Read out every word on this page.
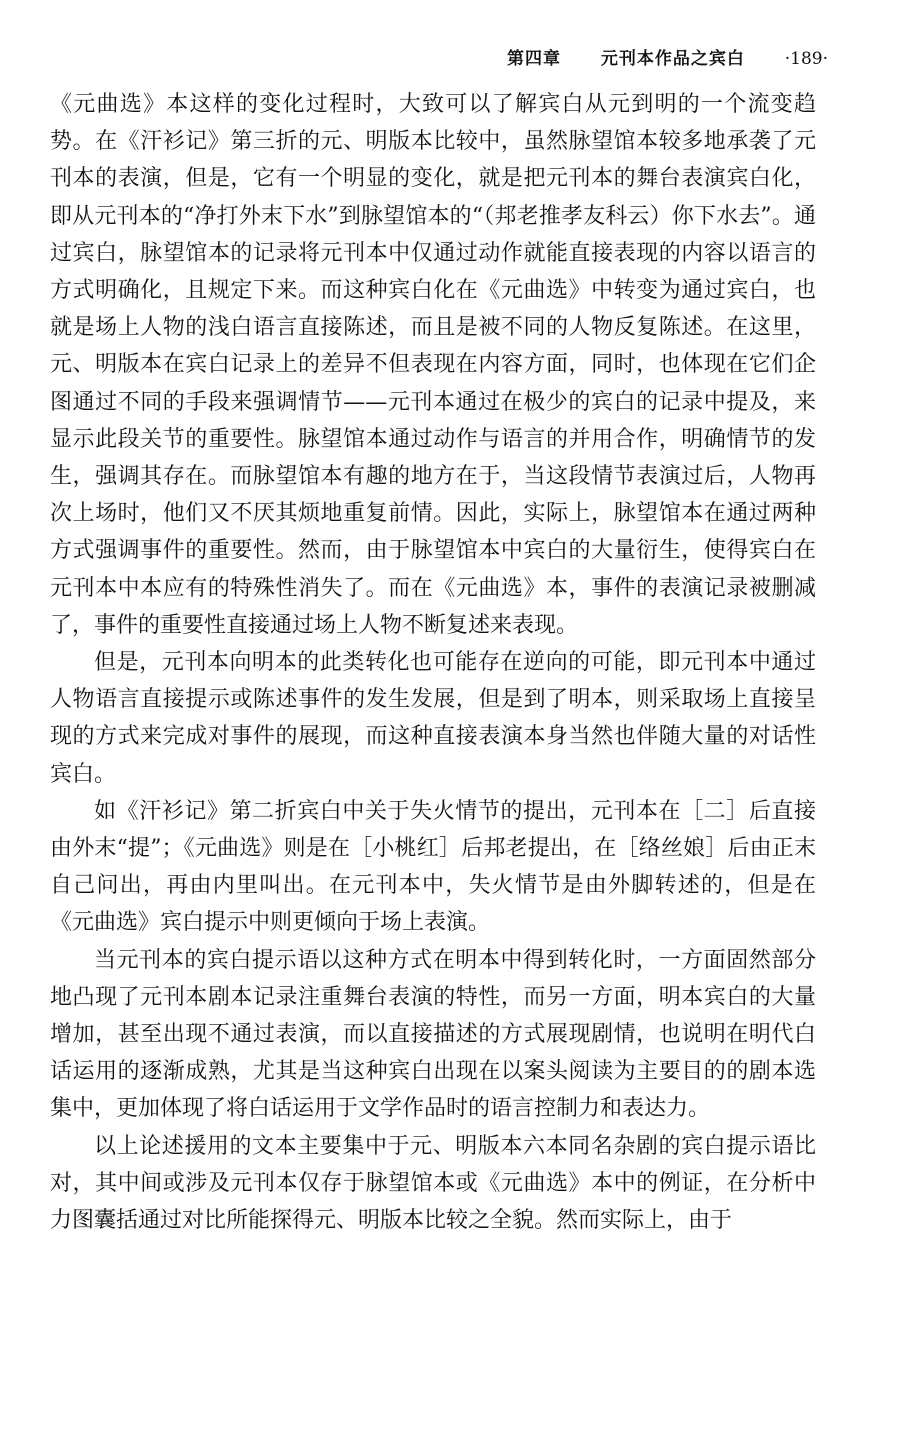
第四章 元刊本作品之宾白 ·189·

《元曲选》本这样的变化过程时，大致可以了解宾白从元到明的一个流变趋势。在《汗衫记》第三折的元、明版本比较中，虽然脉望馆本较多地承袭了元刊本的表演，但是，它有一个明显的变化，就是把元刊本的舞台表演宾白化，即从元刊本的“净打外末下水”到脉望馆本的“（邦老推孝友科云）你下水去”。通过宾白，脉望馆本的记录将元刊本中仅通过动作就能直接表现的内容以语言的方式明确化，且规定下来。而这种宾白化在《元曲选》中转变为通过宾白，也就是场上人物的浅白语言直接陈述，而且是被不同的人物反复陈述。在这里，元、明版本在宾白记录上的差异不但表现在内容方面，同时，也体现在它们企图通过不同的手段来强调情节——元刊本通过在极少的宾白的记录中提及，来显示此段关节的重要性。脉望馆本通过动作与语言的并用合作，明确情节的发生，强调其存在。而脉望馆本有趣的地方在于，当这段情节表演过后，人物再次上场时，他们又不厌其烦地重复前情。因此，实际上，脉望馆本在通过两种方式强调事件的重要性。然而，由于脉望馆本中宾白的大量衍生，使得宾白在元刊本中本应有的特殊性消失了。而在《元曲选》本，事件的表演记录被删减了，事件的重要性直接通过场上人物不断复述来表现。

但是，元刊本向明本的此类转化也可能存在逆向的可能，即元刊本中通过人物语言直接提示或陈述事件的发生发展，但是到了明本，则采取场上直接呈现的方式来完成对事件的展现，而这种直接表演本身当然也伴随大量的对话性宾白。

如《汗衫记》第二折宾白中关于失火情节的提出，元刊本在［二］后直接由外末“提”；《元曲选》则是在［小桃红］后邦老提出，在［络丝娘］后由正末自己问出，再由内里叫出。在元刊本中，失火情节是由外脚转述的，但是在《元曲选》宾白提示中则更倾向于场上表演。

当元刊本的宾白提示语以这种方式在明本中得到转化时，一方面固然部分地凸现了元刊本剧本记录注重舞台表演的特性，而另一方面，明本宾白的大量增加，甚至出现不通过表演，而以直接描述的方式展现剧情，也说明在明代白话运用的逐渐成熟，尤其是当这种宾白出现在以案头阅读为主要目的的剧本选集中，更加体现了将白话运用于文学作品时的语言控制力和表达力。

以上论述援用的文本主要集中于元、明版本六本同名杂剧的宾白提示语比对，其中间或涉及元刊本仅存于脉望馆本或《元曲选》本中的例证，在分析中力图囊括通过对比所能探得元、明版本比较之全貌。然而实际上，由于
